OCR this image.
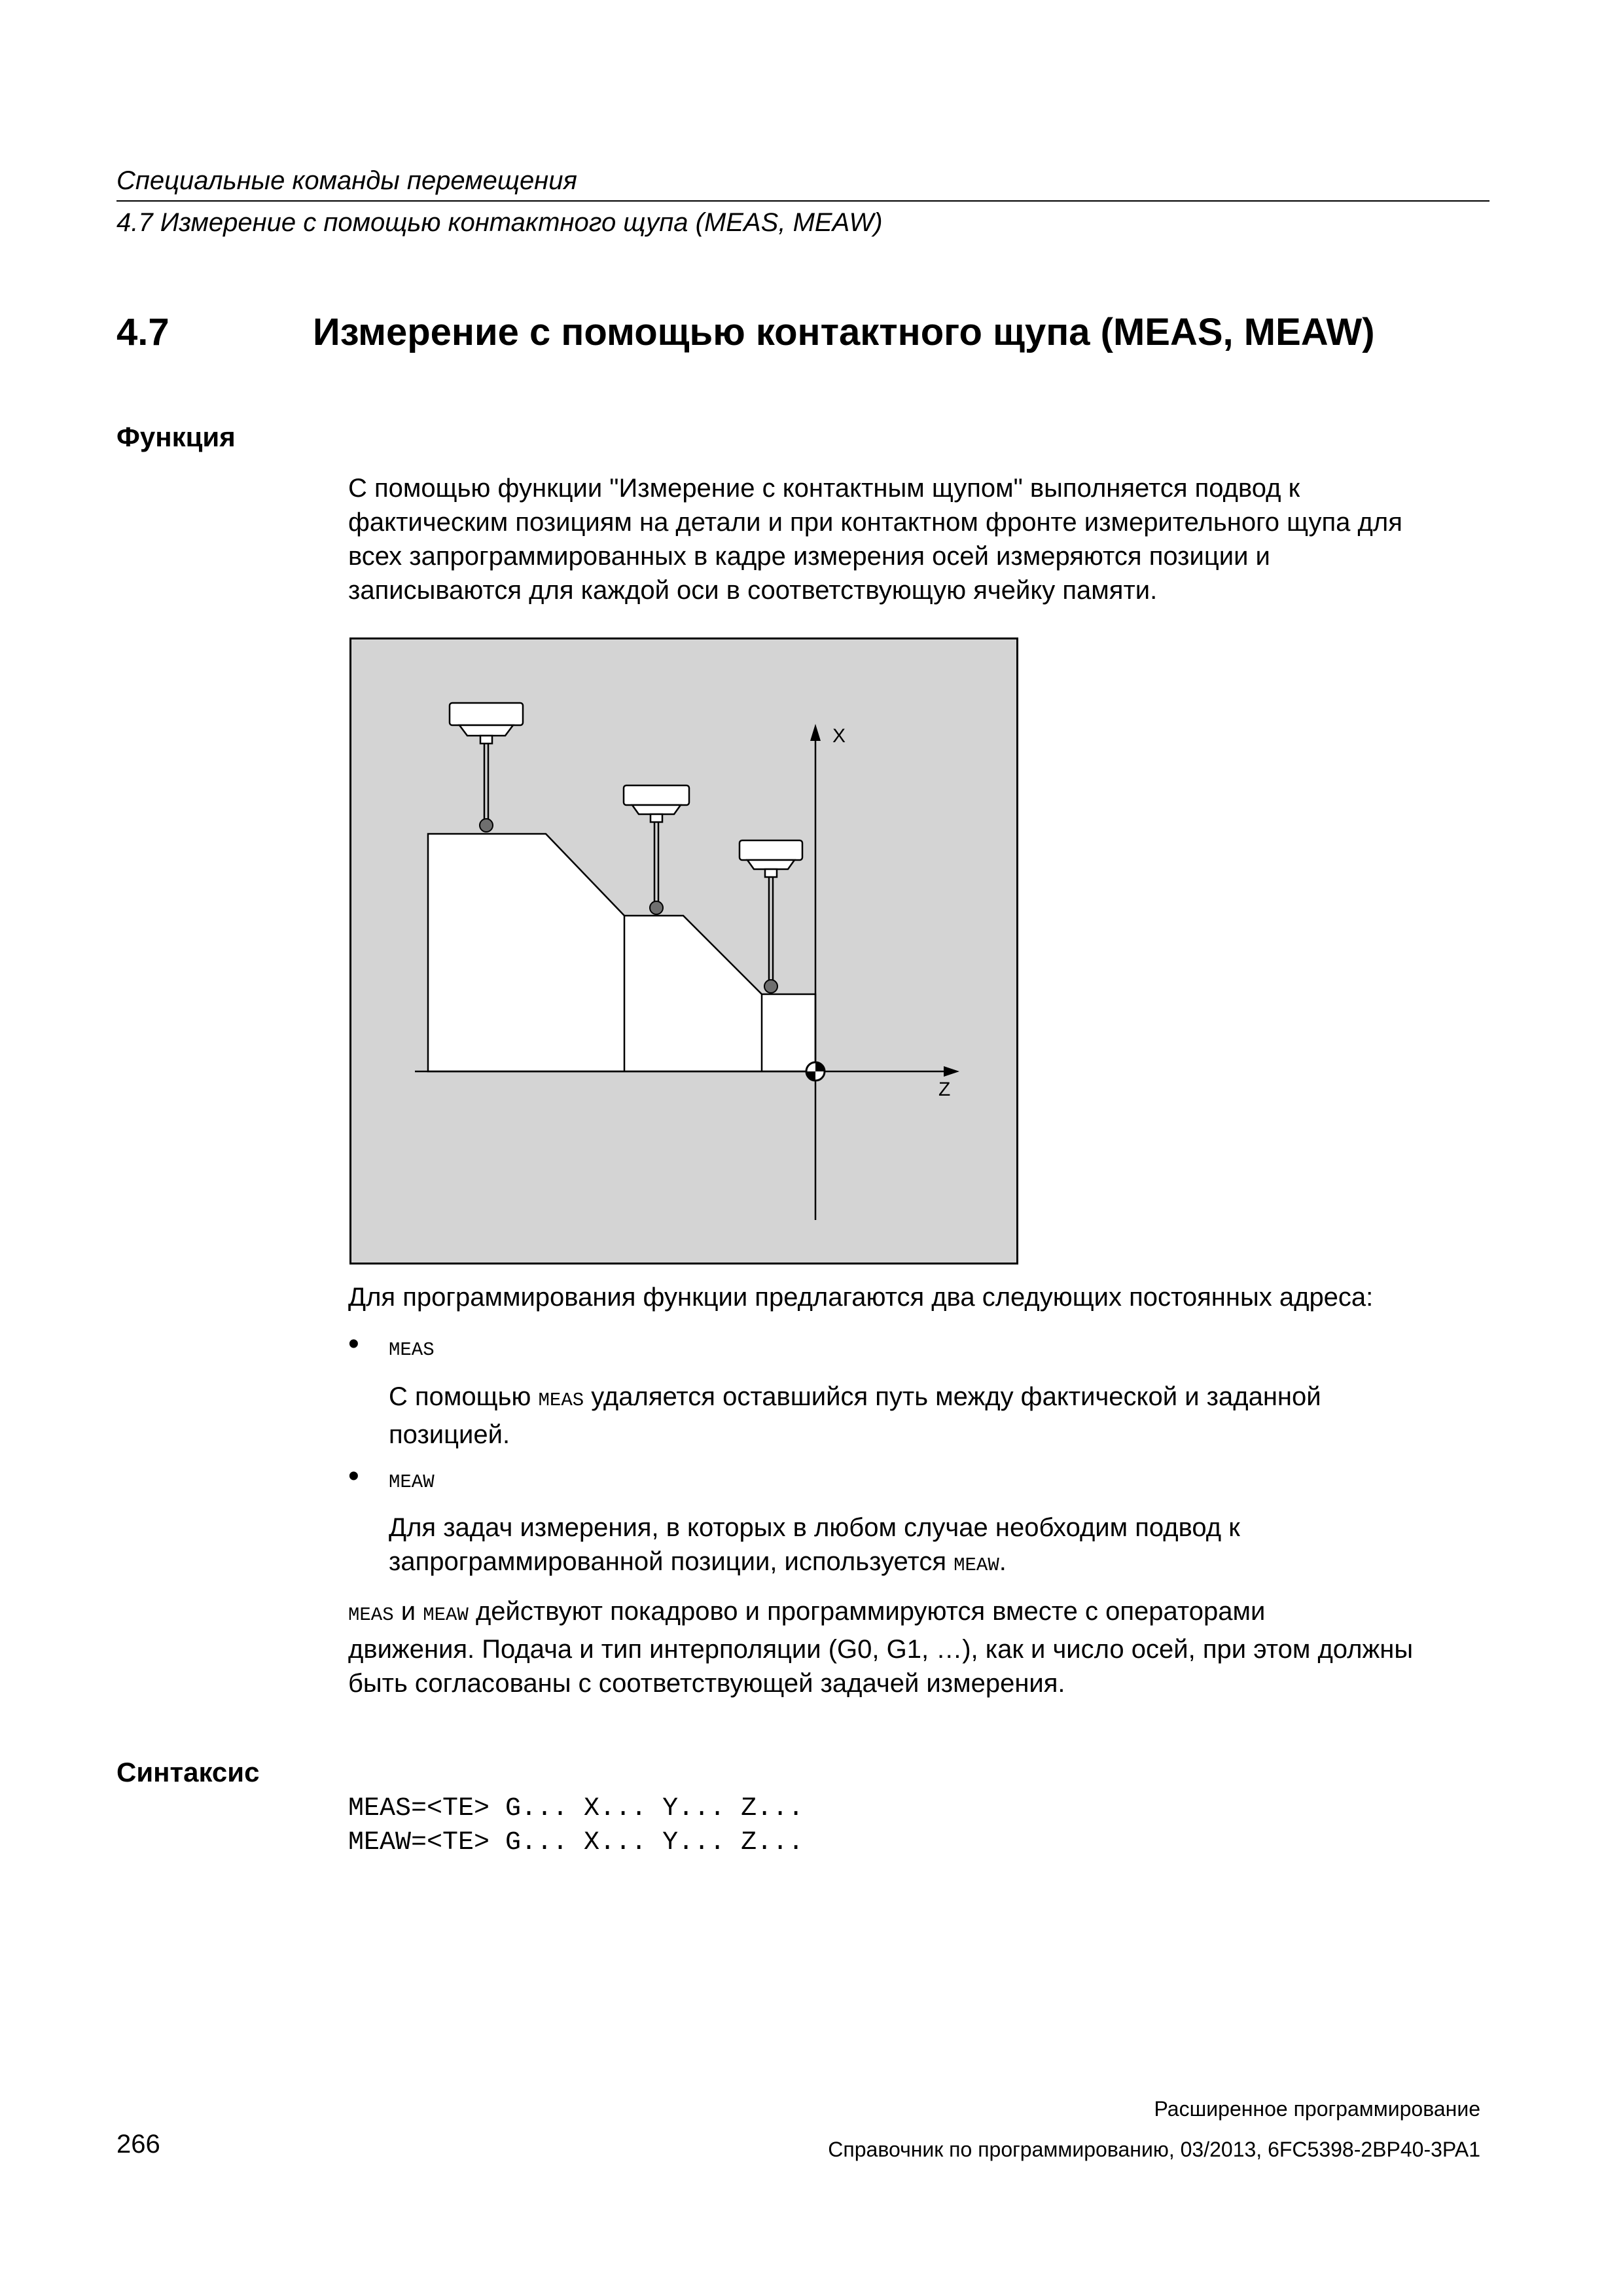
Специальные команды перемещения
4.7 Измерение с помощью контактного щупа (MEAS, MEAW)
4.7	Измерение с помощью контактного щупа (MEAS, MEAW)
Функция
С помощью функции "Измерение с контактным щупом" выполняется подвод к
фактическим позициям на детали и при контактном фронте измерительного щупа для
всех запрограммированных в кадре измерения осей измеряются позиции и
записываются для каждой оси в соответствующую ячейку памяти.
Z
X
Для программирования функции предлагаются два следующих постоянных адреса:
• MEAS
С помощью MEAS удаляется оставшийся путь между фактической и заданной
позицией.
• MEAW
Для задач измерения, в которых в любом случае необходим подвод к
запрограммированной позиции, используется MEAW.
MEAS и MEAW действуют покадрово и программируются вместе с операторами
движения. Подача и тип интерполяции (G0, G1, …), как и число осей, при этом должны
быть согласованы с соответствующей задачей измерения.
Синтаксис
MEAS=<TE> G... X... Y... Z...
MEAW=<TE> G... X... Y... Z...
Расширенное программирование
266	Справочник по программированию, 03/2013, 6FC5398-2BP40-3PA1
